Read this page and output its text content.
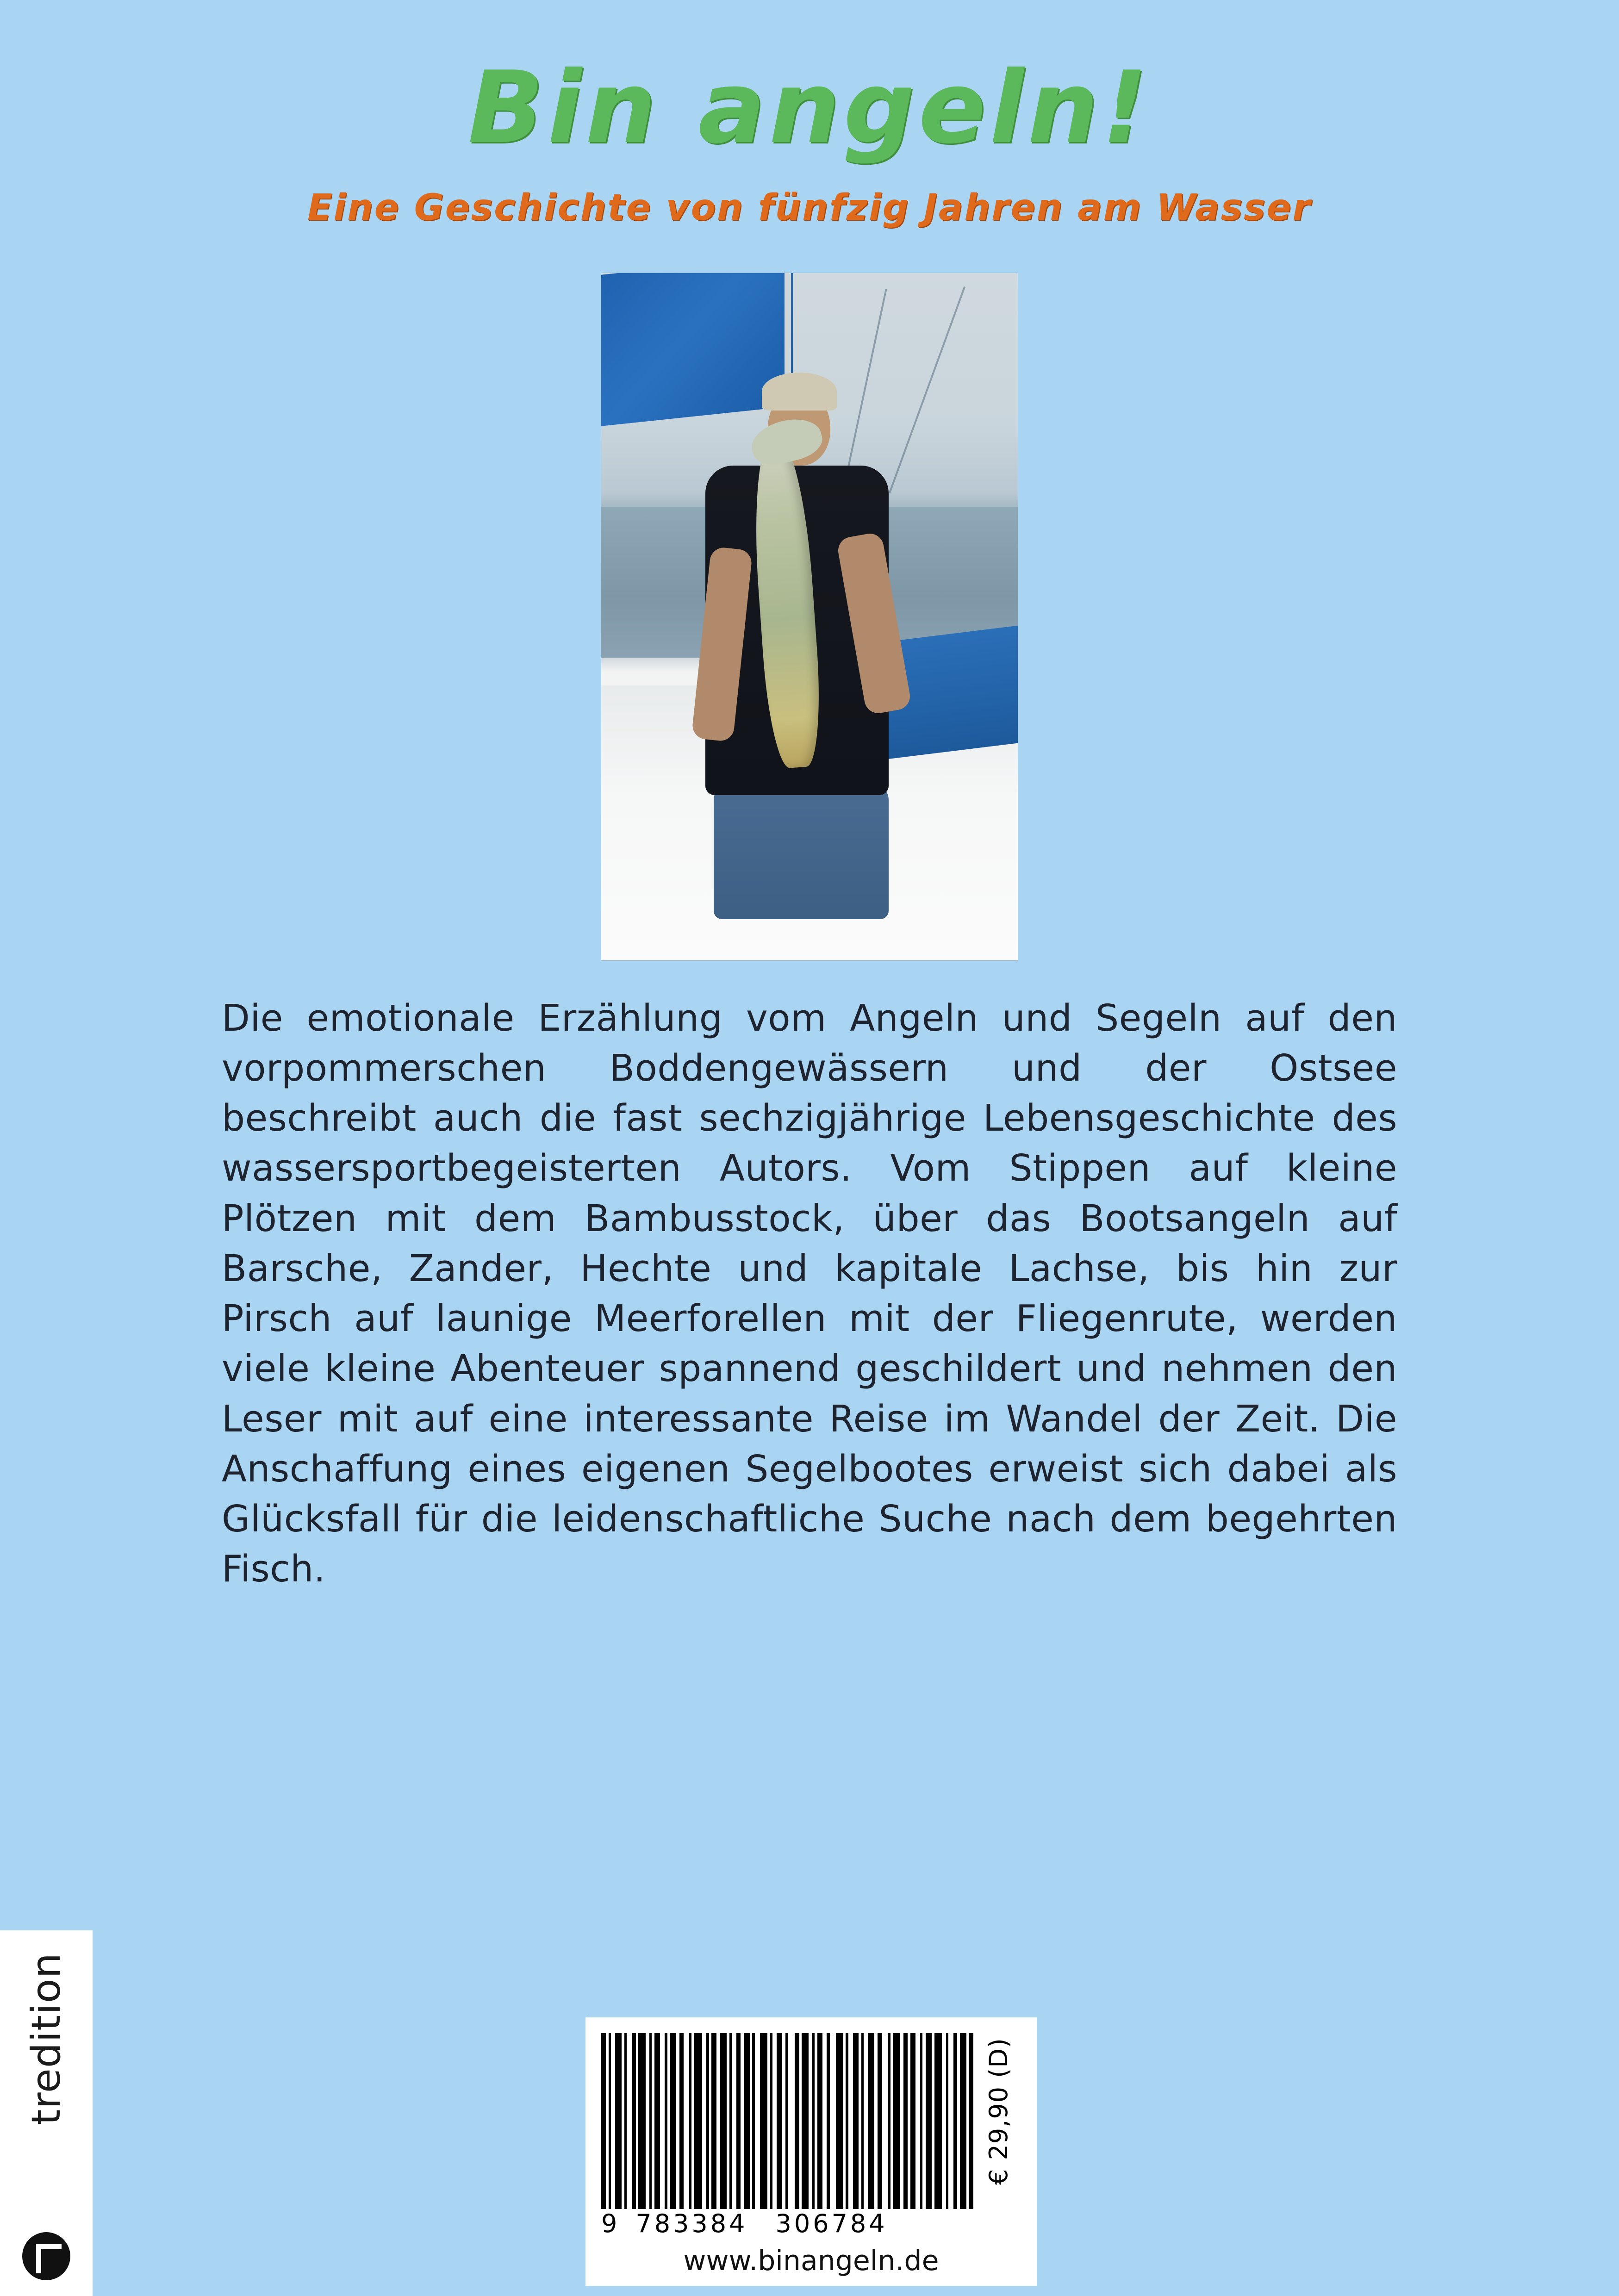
Bin angeln!
Eine Geschichte von fünfzig Jahren am Wasser

Die emotionale Erzählung vom Angeln und Segeln auf den vorpommerschen Boddengewässern und der Ostsee beschreibt auch die fast sechzigjährige Lebensgeschichte des wassersportbegeisterten Autors. Vom Stippen auf kleine Plötzen mit dem Bambusstock, über das Bootsangeln auf Barsche, Zander, Hechte und kapitale Lachse, bis hin zur Pirsch auf launige Meerforellen mit der Fliegenrute, werden viele kleine Abenteuer spannend geschildert und nehmen den Leser mit auf eine interessante Reise im Wandel der Zeit. Die Anschaffung eines eigenen Segelbootes erweist sich dabei als Glücksfall für die leidenschaftliche Suche nach dem begehrten Fisch.

tredition	€ 29,90 (D)
9 783384 306784
www.binangeln.de
